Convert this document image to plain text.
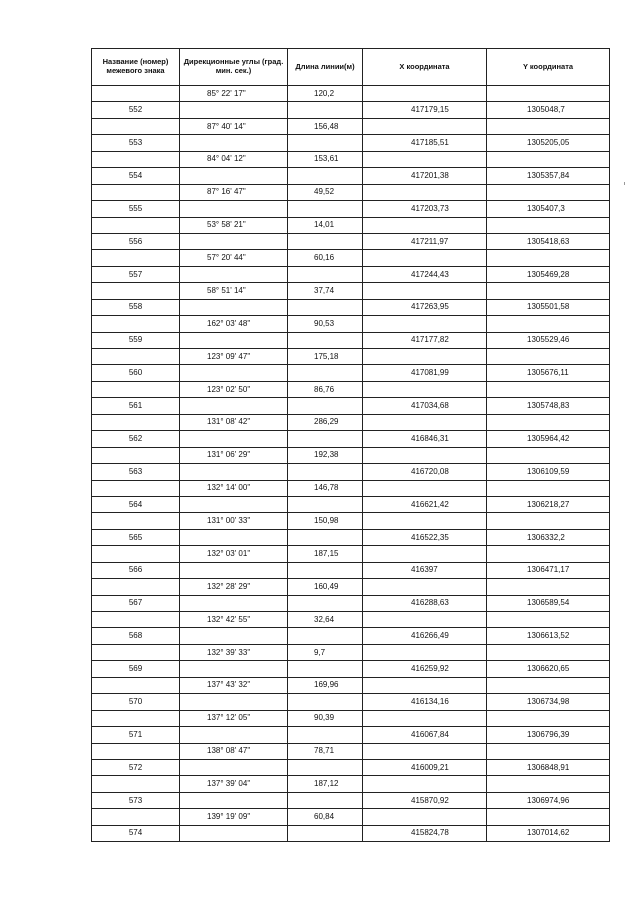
Название (номер) межевого знака	Дирекционные углы (град. мин. сек.)	Длина линии(м)	X координата	Y координата
	85° 22' 17"	120,2		
552			417179,15	1305048,7
	87° 40' 14"	156,48		
553			417185,51	1305205,05
	84° 04' 12"	153,61		
554			417201,38	1305357,84
	87° 16' 47"	49,52		
555			417203,73	1305407,3
	53° 58' 21"	14,01		
556			417211,97	1305418,63
	57° 20' 44"	60,16		
557			417244,43	1305469,28
	58° 51' 14"	37,74		
558			417263,95	1305501,58
	162° 03' 48"	90,53		
559			417177,82	1305529,46
	123° 09' 47"	175,18		
560			417081,99	1305676,11
	123° 02' 50"	86,76		
561			417034,68	1305748,83
	131° 08' 42"	286,29		
562			416846,31	1305964,42
	131° 06' 29"	192,38		
563			416720,08	1306109,59
	132° 14' 00"	146,78		
564			416621,42	1306218,27
	131° 00' 33"	150,98		
565			416522,35	1306332,2
	132° 03' 01"	187,15		
566			416397	1306471,17
	132° 28' 29"	160,49		
567			416288,63	1306589,54
	132° 42' 55"	32,64		
568			416266,49	1306613,52
	132° 39' 33"	9,7		
569			416259,92	1306620,65
	137° 43' 32"	169,96		
570			416134,16	1306734,98
	137° 12' 05"	90,39		
571			416067,84	1306796,39
	138° 08' 47"	78,71		
572			416009,21	1306848,91
	137° 39' 04"	187,12		
573			415870,92	1306974,96
	139° 19' 09"	60,84		
574			415824,78	1307014,62
